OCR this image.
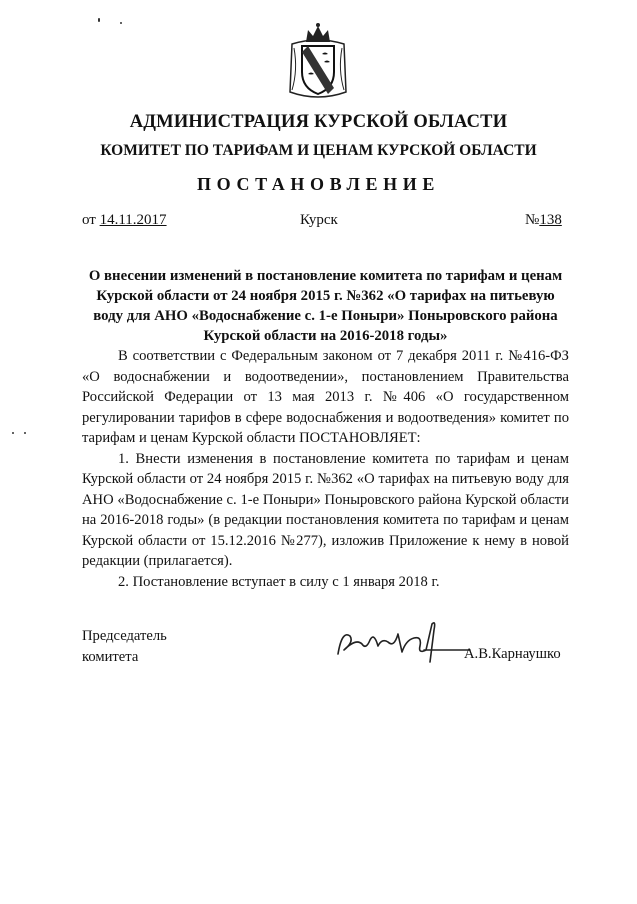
АДМИНИСТРАЦИЯ КУРСКОЙ ОБЛАСТИ
КОМИТЕТ ПО ТАРИФАМ И ЦЕНАМ КУРСКОЙ ОБЛАСТИ
ПОСТАНОВЛЕНИЕ
от 14.11.2017	Курск	№138
О внесении изменений в постановление комитета по тарифам и ценам Курской области от 24 ноября 2015 г. №362 «О тарифах на питьевую воду для АНО «Водоснабжение с. 1-е Поныри» Поныровского района Курской области на 2016-2018 годы»

В соответствии с Федеральным законом от 7 декабря 2011 г. №416-ФЗ «О водоснабжении и водоотведении», постановлением Правительства Российской Федерации от 13 мая 2013 г. №406 «О государственном регулировании тарифов в сфере водоснабжения и водоотведения» комитет по тарифам и ценам Курской области ПОСТАНОВЛЯЕТ:

1. Внести изменения в постановление комитета по тарифам и ценам Курской области от 24 ноября 2015 г. №362 «О тарифах на питьевую воду для АНО «Водоснабжение с. 1-е Поныри» Поныровского района Курской области на 2016-2018 годы» (в редакции постановления комитета по тарифам и ценам Курской области от 15.12.2016 №277), изложив Приложение к нему в новой редакции (прилагается).

2. Постановление вступает в силу с 1 января 2018 г.

Председатель
комитета	А.В.Карнаушко
